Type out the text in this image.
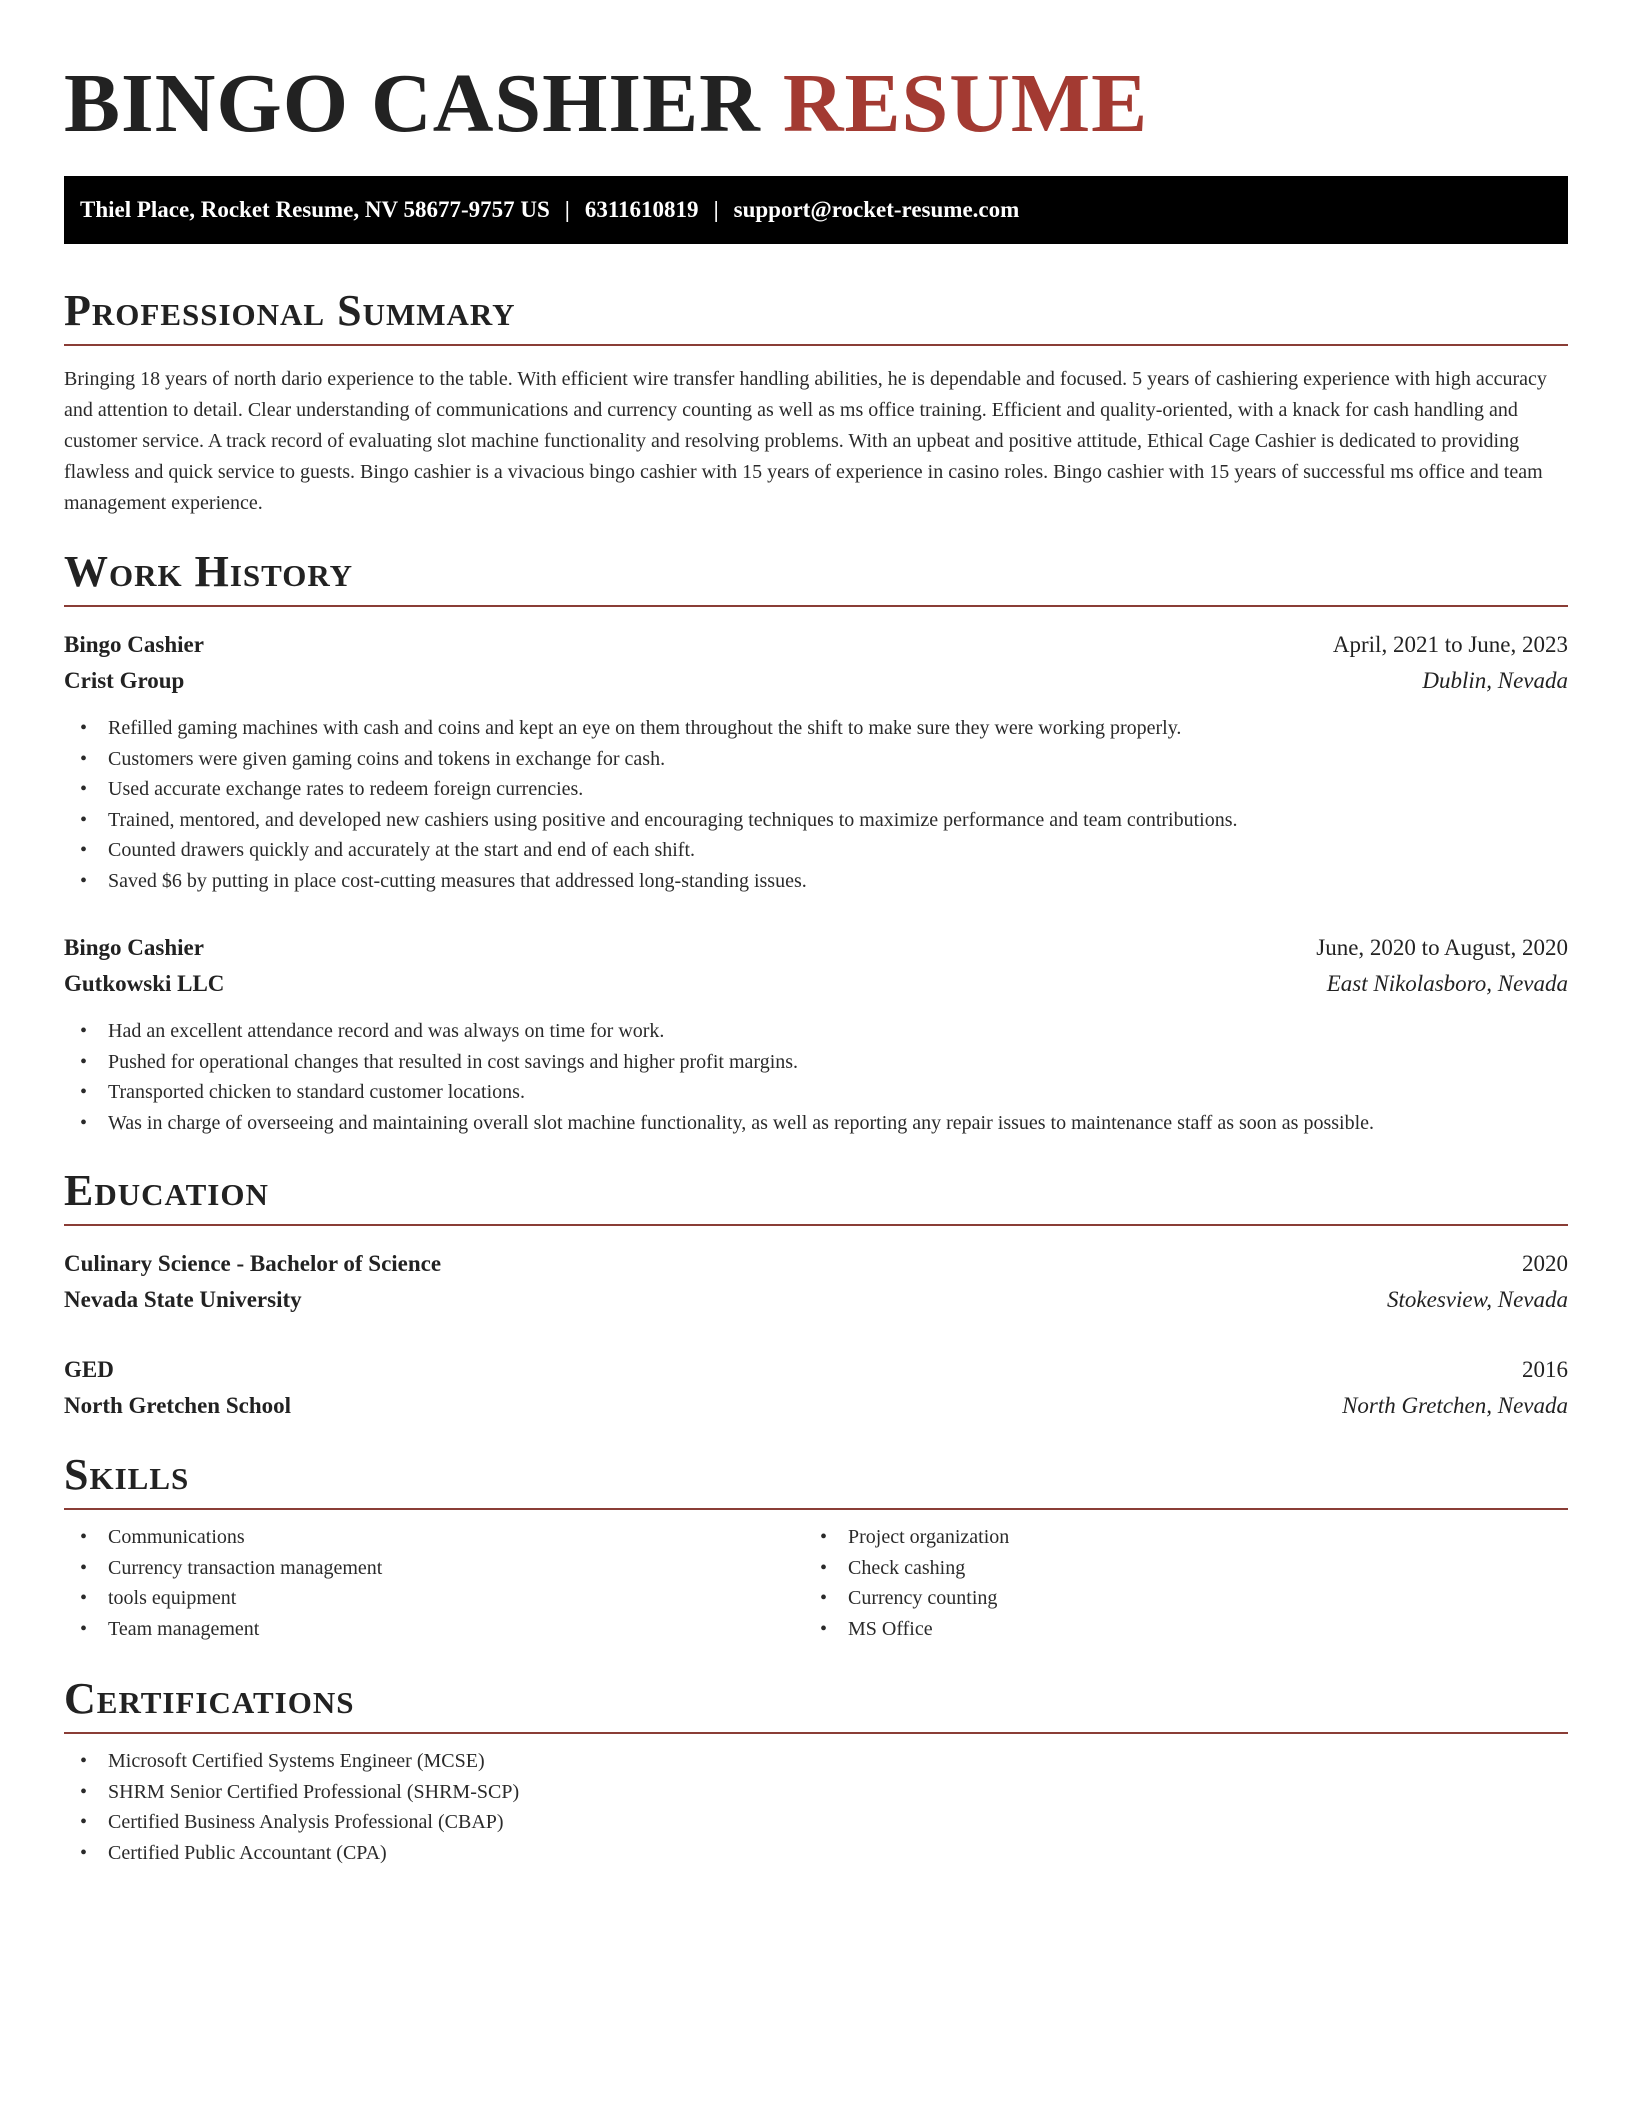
BINGO CASHIER RESUME
Thiel Place, Rocket Resume, NV 58677-9757 US | 6311610819 | support@rocket-resume.com
Professional Summary

Bringing 18 years of north dario experience to the table. With efficient wire transfer handling abilities, he is dependable and focused. 5 years of cashiering experience with high accuracy and attention to detail. Clear understanding of communications and currency counting as well as ms office training. Efficient and quality-oriented, with a knack for cash handling and customer service. A track record of evaluating slot machine functionality and resolving problems. With an upbeat and positive attitude, Ethical Cage Cashier is dedicated to providing flawless and quick service to guests. Bingo cashier is a vivacious bingo cashier with 15 years of experience in casino roles. Bingo cashier with 15 years of successful ms office and team management experience.

Work History
Bingo Cashier	April, 2021 to June, 2023
Crist Group	Dublin, Nevada
• Refilled gaming machines with cash and coins and kept an eye on them throughout the shift to make sure they were working properly.
• Customers were given gaming coins and tokens in exchange for cash.
• Used accurate exchange rates to redeem foreign currencies.
• Trained, mentored, and developed new cashiers using positive and encouraging techniques to maximize performance and team contributions.
• Counted drawers quickly and accurately at the start and end of each shift.
• Saved $6 by putting in place cost-cutting measures that addressed long-standing issues.
Bingo Cashier	June, 2020 to August, 2020
Gutkowski LLC	East Nikolasboro, Nevada
• Had an excellent attendance record and was always on time for work.
• Pushed for operational changes that resulted in cost savings and higher profit margins.
• Transported chicken to standard customer locations.
• Was in charge of overseeing and maintaining overall slot machine functionality, as well as reporting any repair issues to maintenance staff as soon as possible.
Education
Culinary Science - Bachelor of Science	2020
Nevada State University	Stokesview, Nevada
GED	2016
North Gretchen School	North Gretchen, Nevada
Skills
• Communications
• Currency transaction management
• tools equipment
• Team management
• Project organization
• Check cashing
• Currency counting
• MS Office
Certifications
• Microsoft Certified Systems Engineer (MCSE)
• SHRM Senior Certified Professional (SHRM-SCP)
• Certified Business Analysis Professional (CBAP)
• Certified Public Accountant (CPA)
